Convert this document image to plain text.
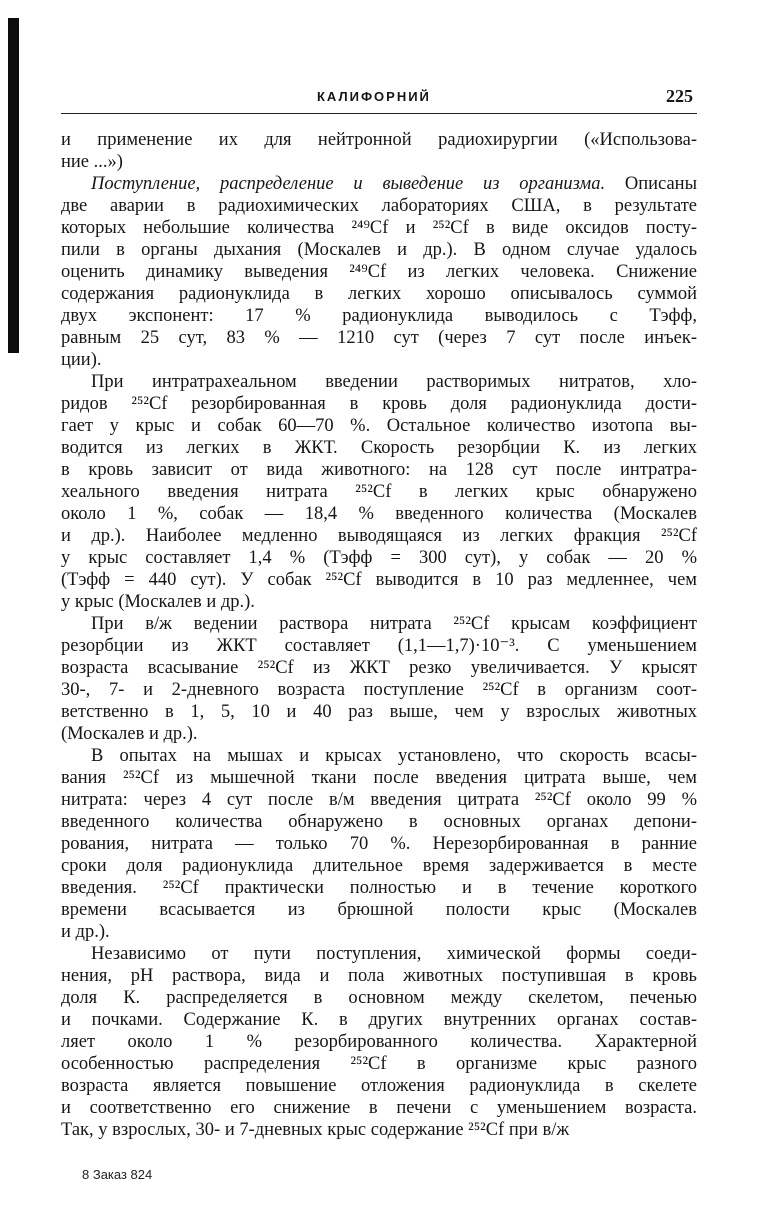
КАЛИФОРНИЙ	225
и применение их для нейтронной радиохирургии («Использова-
ние ...»)
Поступление, распределение и выведение из организма. Описаны
две аварии в радиохимических лабораториях США, в результате
которых небольшие количества ²⁴⁹Cf и ²⁵²Cf в виде оксидов посту-
пили в органы дыхания (Москалев и др.). В одном случае удалось
оценить динамику выведения ²⁴⁹Cf из легких человека. Снижение
содержания радионуклида в легких хорошо описывалось суммой
двух экспонент: 17 % радионуклида выводилось с Tэфф,
равным 25 сут, 83 % — 1210 сут (через 7 сут после инъек-
ции).
При интратрахеальном введении растворимых нитратов, хло-
ридов ²⁵²Cf резорбированная в кровь доля радионуклида дости-
гает у крыс и собак 60—70 %. Остальное количество изотопа вы-
водится из легких в ЖКТ. Скорость резорбции К. из легких
в кровь зависит от вида животного: на 128 сут после интратра-
хеального введения нитрата ²⁵²Cf в легких крыс обнаружено
около 1 %, собак — 18,4 % введенного количества (Москалев
и др.). Наиболее медленно выводящаяся из легких фракция ²⁵²Cf
у крыс составляет 1,4 % (Tэфф = 300 сут), у собак — 20 %
(Tэфф = 440 сут). У собак ²⁵²Cf выводится в 10 раз медленнее, чем
у крыс (Москалев и др.).
При в/ж ведении раствора нитрата ²⁵²Cf крысам коэффициент
резорбции из ЖКТ составляет (1,1—1,7)·10⁻³. С уменьшением
возраста всасывание ²⁵²Cf из ЖКТ резко увеличивается. У крысят
30-, 7- и 2-дневного возраста поступление ²⁵²Cf в организм соот-
ветственно в 1, 5, 10 и 40 раз выше, чем у взрослых животных
(Москалев и др.).
В опытах на мышах и крысах установлено, что скорость всасы-
вания ²⁵²Cf из мышечной ткани после введения цитрата выше, чем
нитрата: через 4 сут после в/м введения цитрата ²⁵²Cf около 99 %
введенного количества обнаружено в основных органах депони-
рования, нитрата — только 70 %. Нерезорбированная в ранние
сроки доля радионуклида длительное время задерживается в месте
введения. ²⁵²Cf практически полностью и в течение короткого
времени всасывается из брюшной полости крыс (Москалев
и др.).
Независимо от пути поступления, химической формы соеди-
нения, pH раствора, вида и пола животных поступившая в кровь
доля К. распределяется в основном между скелетом, печенью
и почками. Содержание К. в других внутренних органах состав-
ляет около 1 % резорбированного количества. Характерной
особенностью распределения ²⁵²Cf в организме крыс разного
возраста является повышение отложения радионуклида в скелете
и соответственно его снижение в печени с уменьшением возраста.
Так, у взрослых, 30- и 7-дневных крыс содержание ²⁵²Cf при в/ж
8 Заказ 824
